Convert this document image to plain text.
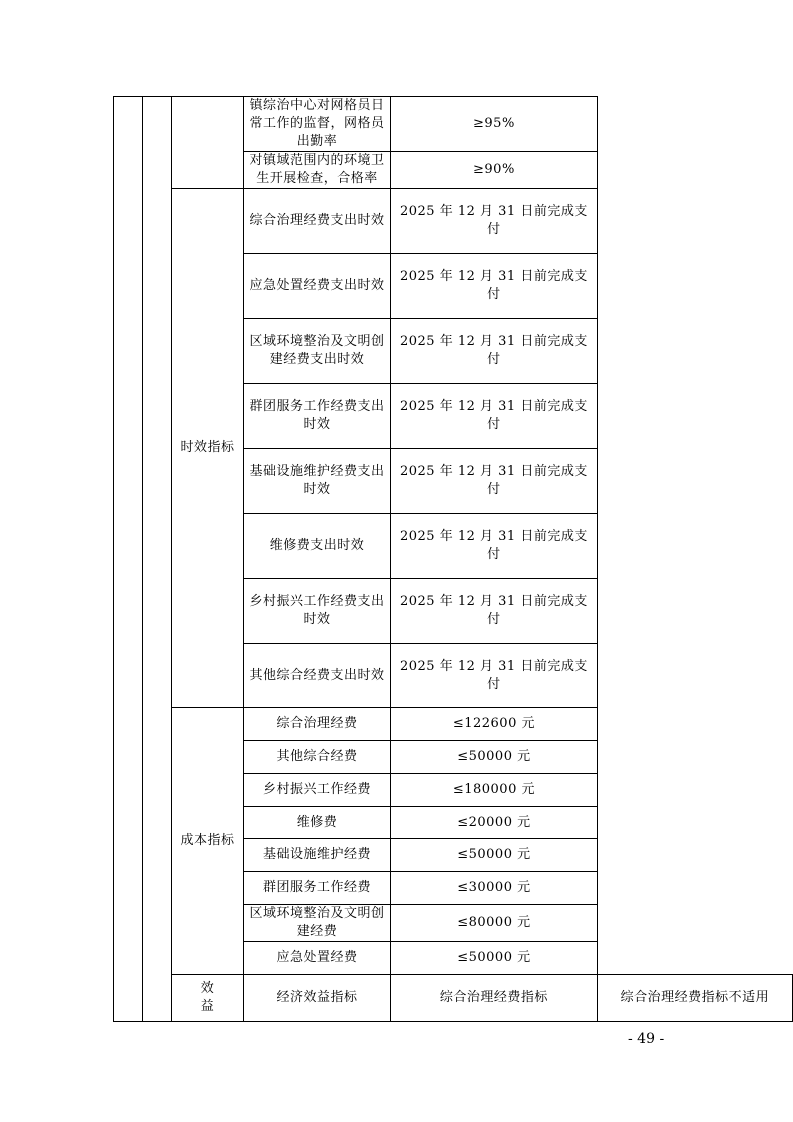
			镇综治中心对网格员日常工作的监督，网格员出勤率	≥95%	
			对镇域范围内的环境卫生开展检查，合格率	≥90%	
		时效指标	综合治理经费支出时效	2025 年 12 月 31 日前完成支付	
			应急处置经费支出时效	2025 年 12 月 31 日前完成支付	
			区域环境整治及文明创建经费支出时效	2025 年 12 月 31 日前完成支付	
			群团服务工作经费支出时效	2025 年 12 月 31 日前完成支付	
			基础设施维护经费支出时效	2025 年 12 月 31 日前完成支付	
			维修费支出时效	2025 年 12 月 31 日前完成支付	
			乡村振兴工作经费支出时效	2025 年 12 月 31 日前完成支付	
			其他综合经费支出时效	2025 年 12 月 31 日前完成支付	
		成本指标	综合治理经费	≤122600 元	
			其他综合经费	≤50000 元	
			乡村振兴工作经费	≤180000 元	
			维修费	≤20000 元	
			基础设施维护经费	≤50000 元	
			群团服务工作经费	≤30000 元	
			区域环境整治及文明创建经费	≤80000 元	
			应急处置经费	≤50000 元	
		效益	经济效益指标	综合治理经费指标	综合治理经费指标不适用
- 49 -
